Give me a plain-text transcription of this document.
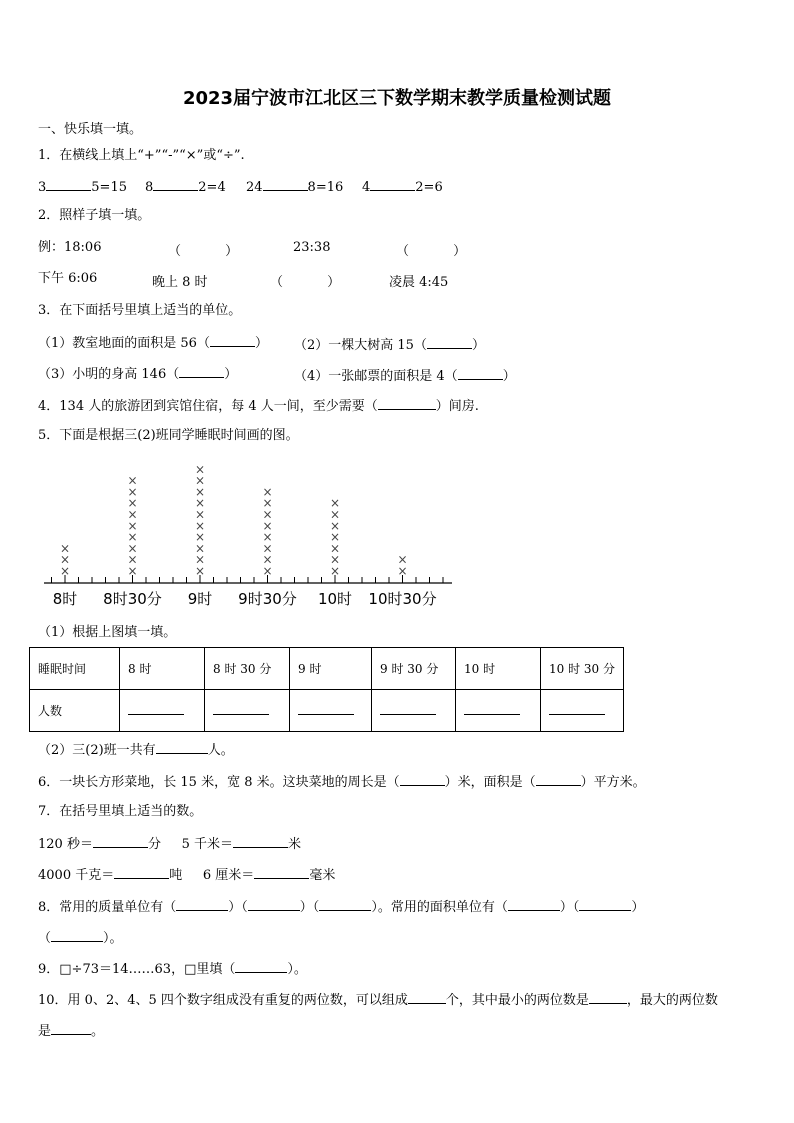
2023届宁波市江北区三下数学期末教学质量检测试题
一、快乐填一填。
1．在横线上填上“+”“-”“×”或“÷”.
3	5=15 8	2=4 24	8=16 4	2=6
2．照样子填一填。
例：18:06	（ ）	23:38	（ ）
下午 6:06	晚上 8 时	（ ）	凌晨 4:45
3．在下面括号里填上适当的单位。
（1）教室地面的面积是 56（	） （2）一棵大树高 15（	）
（3）小明的身高 146（	）	（4）一张邮票的面积是 4（	）
4．134 人的旅游团到宾馆住宿，每 4 人一间，至少需要（	）间房.
5．下面是根据三(2)班同学睡眠时间画的图。
×
×
×
×
×
×
×
×
×
×
×
×
×
×
×
×
×
×
×
×
×
×
×
×
×
×
×
×
×
×
×
×
×
×
×
×
×
×
×
8时 8时30分 9时 9时30分 10时 10时30分
（1）根据上图填一填。
睡眠时间	8 时	8 时 30 分	9 时	9 时 30 分	10 时	10 时 30 分
人数						
（2）三(2)班一共有	人。
6．一块长方形菜地，长 15 米，宽 8 米。这块菜地的周长是（	）米，面积是（	）平方米。
7．在括号里填上适当的数。
120 秒＝	分 5 千米＝	米
4000 千克＝	吨 6 厘米＝	毫米
8．常用的质量单位有（	）（	）（	）。常用的面积单位有（	）（	）
（	）。
9．□÷73＝14……63，□里填（	）。
10．用 0、2、4、5 四个数字组成没有重复的两位数，可以组成	个，其中最小的两位数是	，最大的两位数
是	。
